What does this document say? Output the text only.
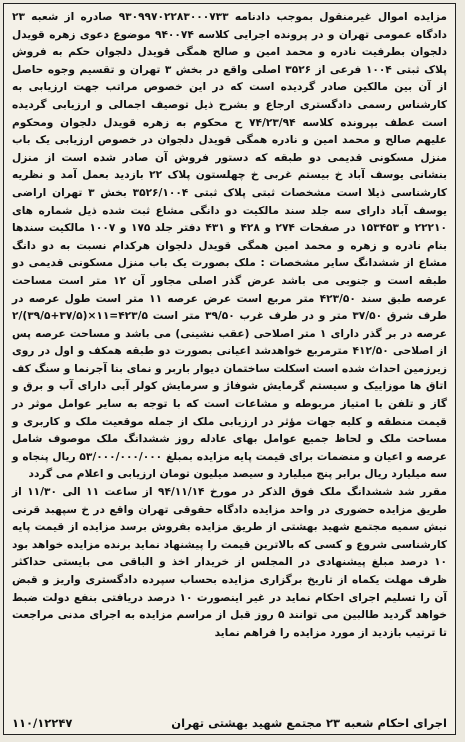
مزایده اموال غیرمنقول بموجب دادنامه ۹۳۰۹۹۷۰۲۲۸۳۰۰۰۷۳۳ صادره از شعبه ۲۳ دادگاه عمومی تهران و در پرونده اجرایی کلاسه ۹۴۰۰۷۴ موضوع دعوی زهره قویدل دلجوان بطرفیت نادره و محمد امین و صالح همگی قویدل دلجوان حکم به فروش پلاک ثبتی ۱۰۰۴ فرعی از ۳۵۲۶ اصلی واقع در بخش ۳ تهران و تقسیم وجوه حاصل از آن بین مالکین صادر گردیده است که در این خصوص مراتب جهت ارزیابی به کارشناس رسمی دادگستری ارجاع و بشرح ذیل توصیف اجمالی و ارزیابی گردیده است عطف بپرونده کلاسه ۷۴/۲۳/۹۴ ح محکوم به زهره قویدل دلجوان ومحکوم علیهم صالح و محمد امین و نادره همگی قویدل دلجوان در خصوص ارزیابی یک باب منزل مسکونی قدیمی دو طبقه که دستور فروش آن صادر شده است از منزل بنشانی یوسف آباد خ بیستم غربی خ چهلستون پلاک ۲۲ بازدید بعمل آمد و نظریه کارشناسی ذیلا است مشخصات ثبتی پلاک ثبتی ۳۵۲۶/۱۰۰۴ بخش ۳ تهران اراضی یوسف آباد دارای سه جلد سند مالکیت دو دانگی مشاع ثبت شده ذیل شماره های ۲۲۲۱۰ و ۱۵۳۴۵۳ در صفحات ۲۷۴ و ۴۲۸ و ۴۳۱ دفتر جلد ۱۷۵ و ۱۰۰۷ مالکیت سندها بنام نادره و زهره و محمد امین همگی قویدل دلجوان هرکدام نسبت به دو دانگ مشاع از ششدانگ سایر مشخصات : ملک بصورت یک باب منزل مسکونی قدیمی دو طبقه است و جنوبی می باشد عرض گذر اصلی مجاور آن ۱۲ متر است مساحت عرصه طبق سند ۴۲۳/۵۰ متر مربع است عرض عرصه ۱۱ متر است طول عرصه در طرف شرق ۳۷/۵۰ متر و در طرف غرب ۳۹/۵۰ متر است ۴۲۳/۵=۱۱×(۳۷/۵+۳۹/۵)/۲ عرصه در بر گذر دارای ۱ متر اصلاحی (عقب نشینی) می باشد و مساحت عرصه پس از اصلاحی ۴۱۲/۵۰ مترمربع خواهدشد اعیانی بصورت دو طبقه همکف و اول در روی زیرزمین احداث شده است اسکلت ساختمان دیوار باربر و نمای بنا آجرنما و سنگ کف اتاق ها موزاییک و سیستم گرمایش شوفاژ و سرمایش کولر آبی دارای آب و برق و گاز و تلفن با امتیاز مربوطه و مشاعات است که با توجه به سایر عوامل موثر در قیمت منطقه و کلیه جهات مؤثر در ارزیابی ملک از جمله موقعیت ملک و کاربری و مساحت ملک و لحاظ جمیع عوامل بهای عادله روز ششدانگ ملک موصوف شامل عرصه و اعیان و منضمات برای قیمت پایه مزایده بمبلغ ۵۳/۰۰۰/۰۰۰/۰۰۰ ریال پنجاه و سه میلیارد ریال برابر پنج میلیارد و سیصد میلیون تومان ارزیابی و اعلام می گردد

مقرر شد ششدانگ ملک فوق الذکر در مورخ ۹۴/۱۱/۱۴ از ساعت ۱۱ الی ۱۱/۳۰ از طریق مزایده حضوری در واحد مزایده دادگاه حقوقی تهران واقع در خ سپهبد قرنی نبش سمیه مجتمع شهید بهشتی از طریق مزایده بفروش برسد مزایده از قیمت پایه کارشناسی شروع و کسی که بالاترین قیمت را پیشنهاد نماید برنده مزایده خواهد بود ۱۰ درصد مبلغ پیشنهادی در المجلس از خریدار اخذ و الباقی می بایستی حداکثر ظرف مهلت یکماه از تاریخ برگزاری مزایده بحساب سپرده دادگستری واریز و قبض آن را تسلیم اجرای احکام نماید در غیر اینصورت ۱۰ درصد دریافتی بنفع دولت ضبط خواهد گردید طالبین می توانند ۵ روز قبل از مراسم مزایده به اجرای مدنی مراجعت تا ترتیب بازدید از مورد مزایده را فراهم نماید

اجرای احکام شعبه ۲۳ مجتمع شهید بهشتی تهران
۱۱۰/۱۲۲۴۷
